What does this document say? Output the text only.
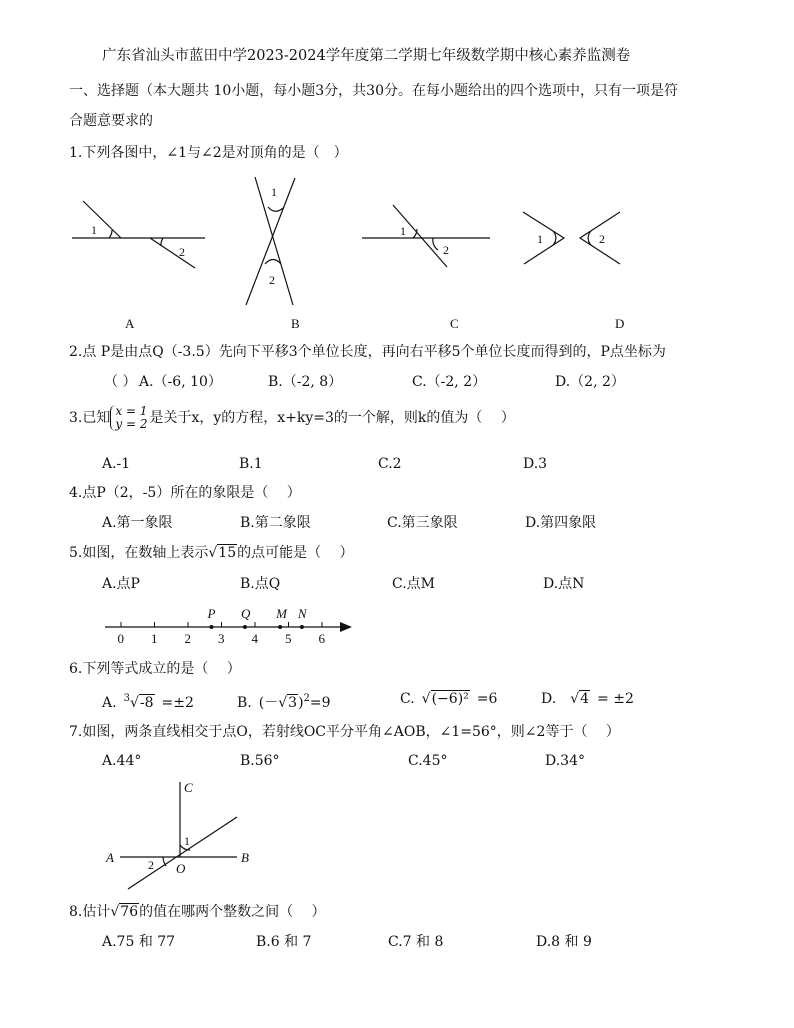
广东省汕头市蓝田中学2023-2024学年度第二学期七年级数学期中核心素养监测卷
一、选择题（本大题共 10小题，每小题3分，共30分。在每小题给出的四个选项中，只有一项是符
合题意要求的
1.下列各图中，∠1与∠2是对顶角的是（　）
1
2
1
2
1
2
1	2
A	B	C	D
2.点 P是由点Q（-3.5）先向下平移3个单位长度，再向右平移5个单位长度而得到的，P点坐标为
（ ） A.（-6, 10）	B.（-2, 8）	C.（-2, 2）	D.（2, 2）
3.已知 x = 1
y = 2 是关于x，y的方程，x+ky=3的一个解，则k的值为（　 ）
A.-1	B.1	C.2	D.3
4.点P（2，-5）所在的象限是（　 ）
A.第一象限	B.第二象限	C.第三象限	D.第四象限
5.如图，在数轴上表示√15的点可能是（　 ）
A.点P	B.点Q	C.点M	D.点N
0 1 2 3 4 5 6
P Q M N
6.下列等式成立的是（　 ）
A.  $^3$√-8  =±2	B.  $(-√3)^2=9$	C.  √(−6)²  =6	D.  √4  = ±2
7.如图，两条直线相交于点O，若射线OC平分平角∠AOB，∠1=56°，则∠2等于（　 ）
A.44°	B.56°	C.45°	D.34°
C
A	B
O
1
2
8.估计√76的值在哪两个整数之间（　 ）
A.75 和 77	B.6 和 7	C.7 和 8	D.8 和 9
